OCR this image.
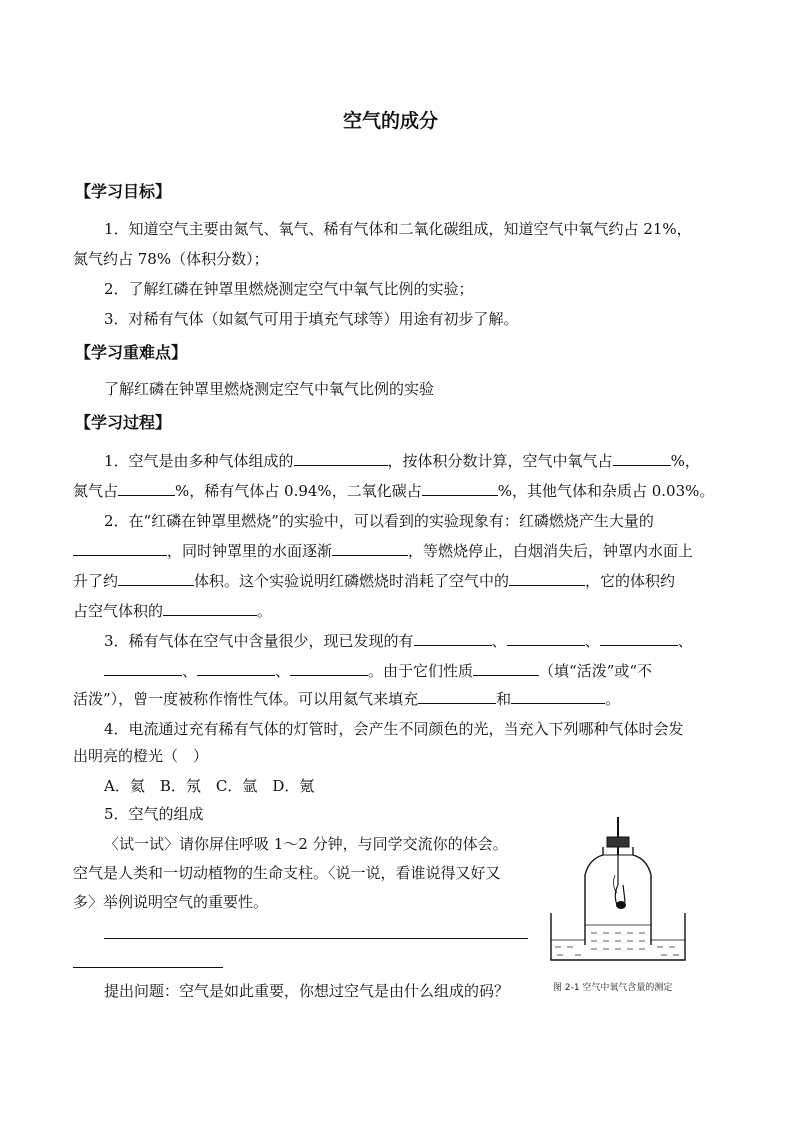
空气的成分
【学习目标】
1．知道空气主要由氮气、氧气、稀有气体和二氧化碳组成，知道空气中氧气约占 21%，
氮气约占 78%（体积分数）；
2．了解红磷在钟罩里燃烧测定空气中氧气比例的实验；
3．对稀有气体（如氦气可用于填充气球等）用途有初步了解。
【学习重难点】
了解红磷在钟罩里燃烧测定空气中氧气比例的实验
【学习过程】
1．空气是由多种气体组成的	，按体积分数计算，空气中氧气占	%，
氮气占	%，稀有气体占 0.94%，二氧化碳占	%，其他气体和杂质占 0.03%。
2．在“红磷在钟罩里燃烧”的实验中，可以看到的实验现象有：红磷燃烧产生大量的
，同时钟罩里的水面逐渐	，等燃烧停止，白烟消失后，钟罩内水面上
升了约	体积。这个实验说明红磷燃烧时消耗了空气中的	，它的体积约
占空气体积的	。
3．稀有气体在空气中含量很少，现已发现的有	、	、	、
、	、	。由于它们性质	（填“活泼”或“不
活泼”），曾一度被称作惰性气体。可以用氦气来填充	和	。
4．电流通过充有稀有气体的灯管时，会产生不同颜色的光，当充入下列哪种气体时会发
出明亮的橙光（　）
A．氦　B．氖　C．氩　D．氪
5．空气的组成
〈试一试〉请你屏住呼吸 1～2 分钟，与同学交流你的体会。
空气是人类和一切动植物的生命支柱。〈说一说，看谁说得又好又
多〉举例说明空气的重要性。
提出问题：空气是如此重要，你想过空气是由什么组成的码？	图 2-1 空气中氧气含量的测定
